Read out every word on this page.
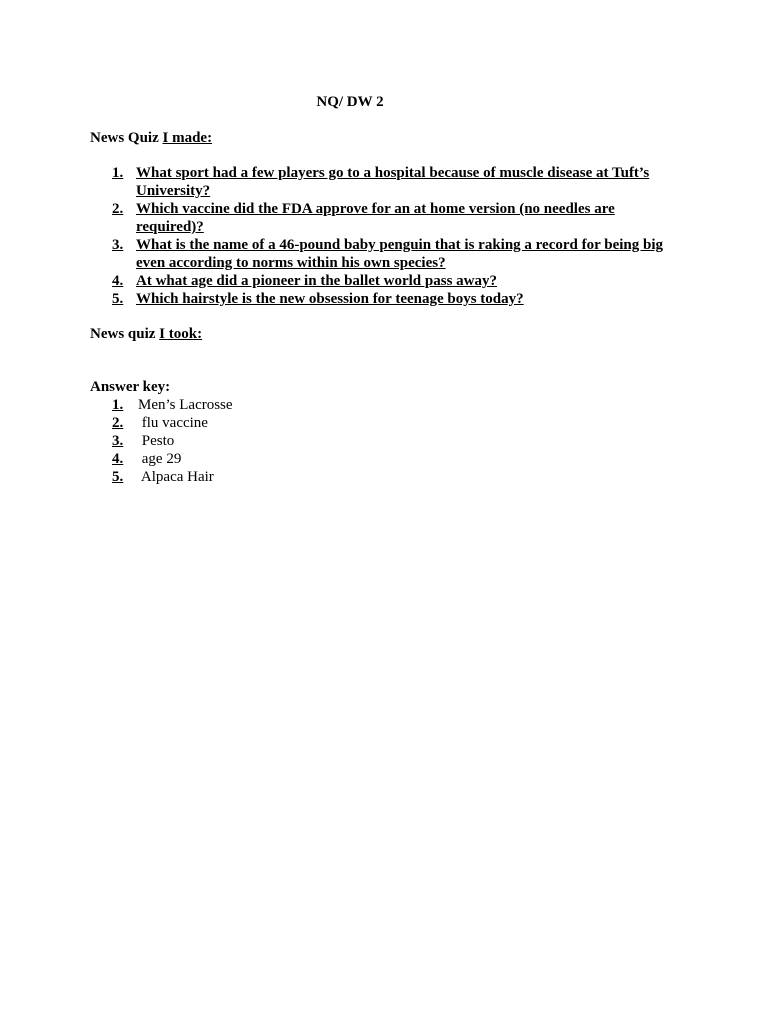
NQ/ DW 2
News Quiz I made:
1. What sport had a few players go to a hospital because of muscle disease at Tuft’s University?
2. Which vaccine did the FDA approve for an at home version (no needles are required)?
3. What is the name of a 46-pound baby penguin that is raking a record for being big even according to norms within his own species?
4. At what age did a pioneer in the ballet world pass away?
5. Which hairstyle is the new obsession for teenage boys today?
News quiz I took:
Answer key:
1. Men’s Lacrosse
2. flu vaccine
3. Pesto
4. age 29
5. Alpaca Hair
